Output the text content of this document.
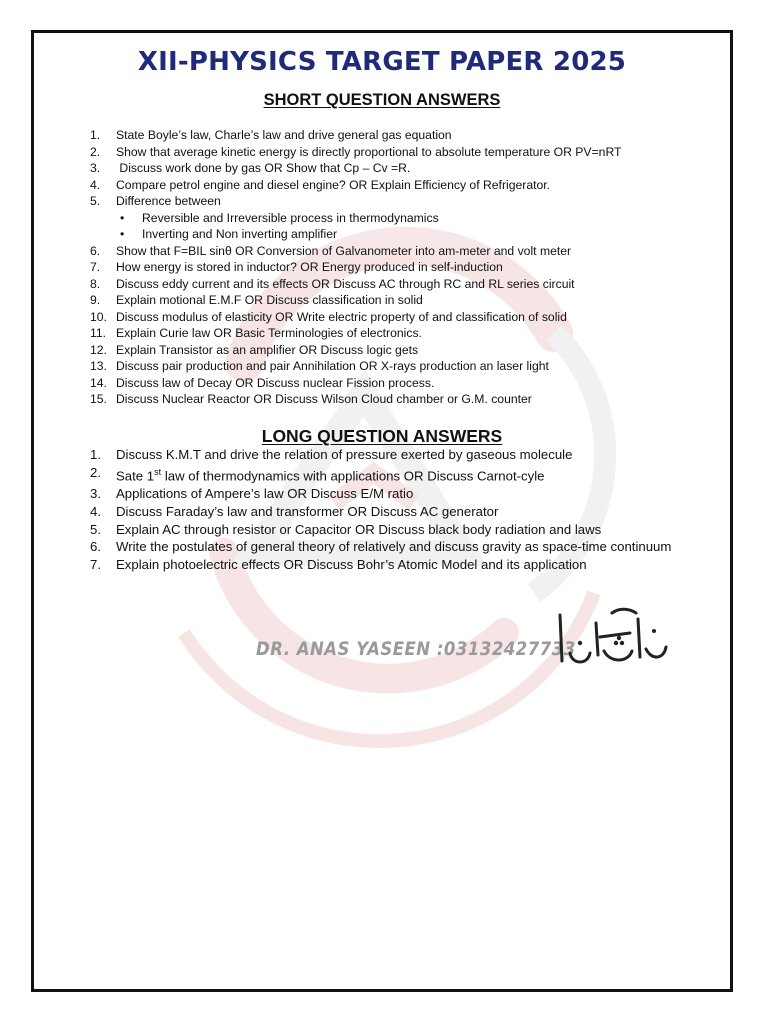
XII-PHYSICS TARGET PAPER 2025
SHORT QUESTION ANSWERS
1.	State Boyle’s law, Charle’s law and drive general gas equation
2.	Show that average kinetic energy is directly proportional to absolute temperature OR PV=nRT
3.	Discuss work done by gas OR Show that Cp – Cv =R.
4.	Compare petrol engine and diesel engine? OR Explain Efficiency of Refrigerator.
5.	Difference between
•	Reversible and Irreversible process in thermodynamics
•	Inverting and Non inverting amplifier
6.	Show that F=BIL sinθ OR Conversion of Galvanometer into am-meter and volt meter
7.	How energy is stored in inductor? OR Energy produced in self-induction
8.	Discuss eddy current and its effects OR Discuss AC through RC and RL series circuit
9.	Explain motional E.M.F OR Discuss classification in solid
10. Discuss modulus of elasticity OR Write electric property of and classification of solid
11. Explain Curie law OR Basic Terminologies of electronics.
12. Explain Transistor as an amplifier OR Discuss logic gets
13. Discuss pair production and pair Annihilation OR X-rays production an laser light
14. Discuss law of Decay OR Discuss nuclear Fission process.
15. Discuss Nuclear Reactor OR Discuss Wilson Cloud chamber or G.M. counter
LONG QUESTION ANSWERS
1.	Discuss K.M.T and drive the relation of pressure exerted by gaseous molecule
2.	Sate 1st law of thermodynamics with applications OR Discuss Carnot-cyle
3.	Applications of Ampere’s law OR Discuss E/M ratio
4.	Discuss Faraday’s law and transformer OR Discuss AC generator
5.	Explain AC through resistor or Capacitor OR Discuss black body radiation and laws
6.	Write the postulates of general theory of relatively and discuss gravity as space-time continuum
7.	Explain photoelectric effects OR Discuss Bohr’s Atomic Model and its application
DR. ANAS YASEEN :03132427733
